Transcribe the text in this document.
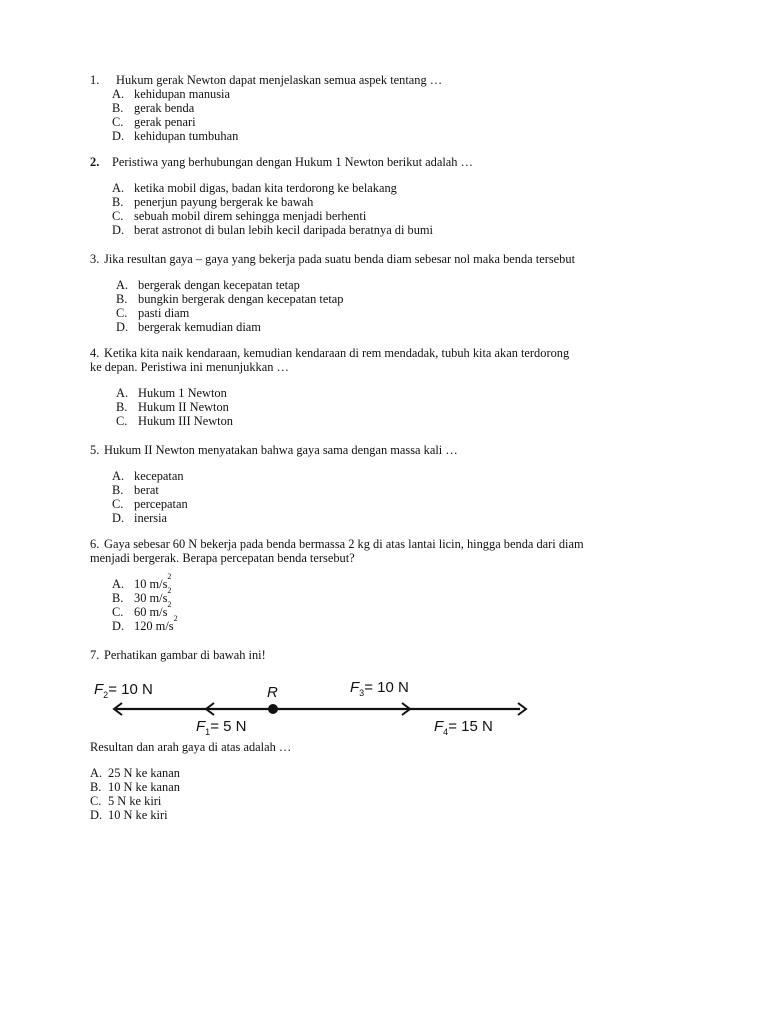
1. Hukum gerak Newton dapat menjelaskan semua aspek tentang …
A. kehidupan manusia
B. gerak benda
C. gerak penari
D. kehidupan tumbuhan
2. Peristiwa yang berhubungan dengan Hukum 1 Newton berikut adalah …
A. ketika mobil digas, badan kita terdorong ke belakang
B. penerjun payung bergerak ke bawah
C. sebuah mobil direm sehingga menjadi berhenti
D. berat astronot di bulan lebih kecil daripada beratnya di bumi
3. Jika resultan gaya – gaya yang bekerja pada suatu benda diam sebesar nol maka benda tersebut
A. bergerak dengan kecepatan tetap
B. bungkin bergerak dengan kecepatan tetap
C. pasti diam
D. bergerak kemudian diam
4. Ketika kita naik kendaraan, kemudian kendaraan di rem mendadak, tubuh kita akan terdorong
ke depan. Peristiwa ini menunjukkan …
A. Hukum 1 Newton
B. Hukum II Newton
C. Hukum III Newton
5. Hukum II Newton menyatakan bahwa gaya sama dengan massa kali …
A. kecepatan
B. berat
C. percepatan
D. inersia
6. Gaya sebesar 60 N bekerja pada benda bermassa 2 kg di atas lantai licin, hingga benda dari diam
menjadi bergerak. Berapa percepatan benda tersebut?
A. 10 m/s
2
B. 30 m/s
2
C. 60 m/s
2
D. 120 m/s
2
7. Perhatikan gambar di bawah ini!
R
$F_2= 10$ N
$F_1= 5$ N
$F_3= 10$ N
$F_4= 15$ N
Resultan dan arah gaya di atas adalah …
A. 25 N ke kanan
B. 10 N ke kanan
C. 5 N ke kiri
D. 10 N ke kiri
